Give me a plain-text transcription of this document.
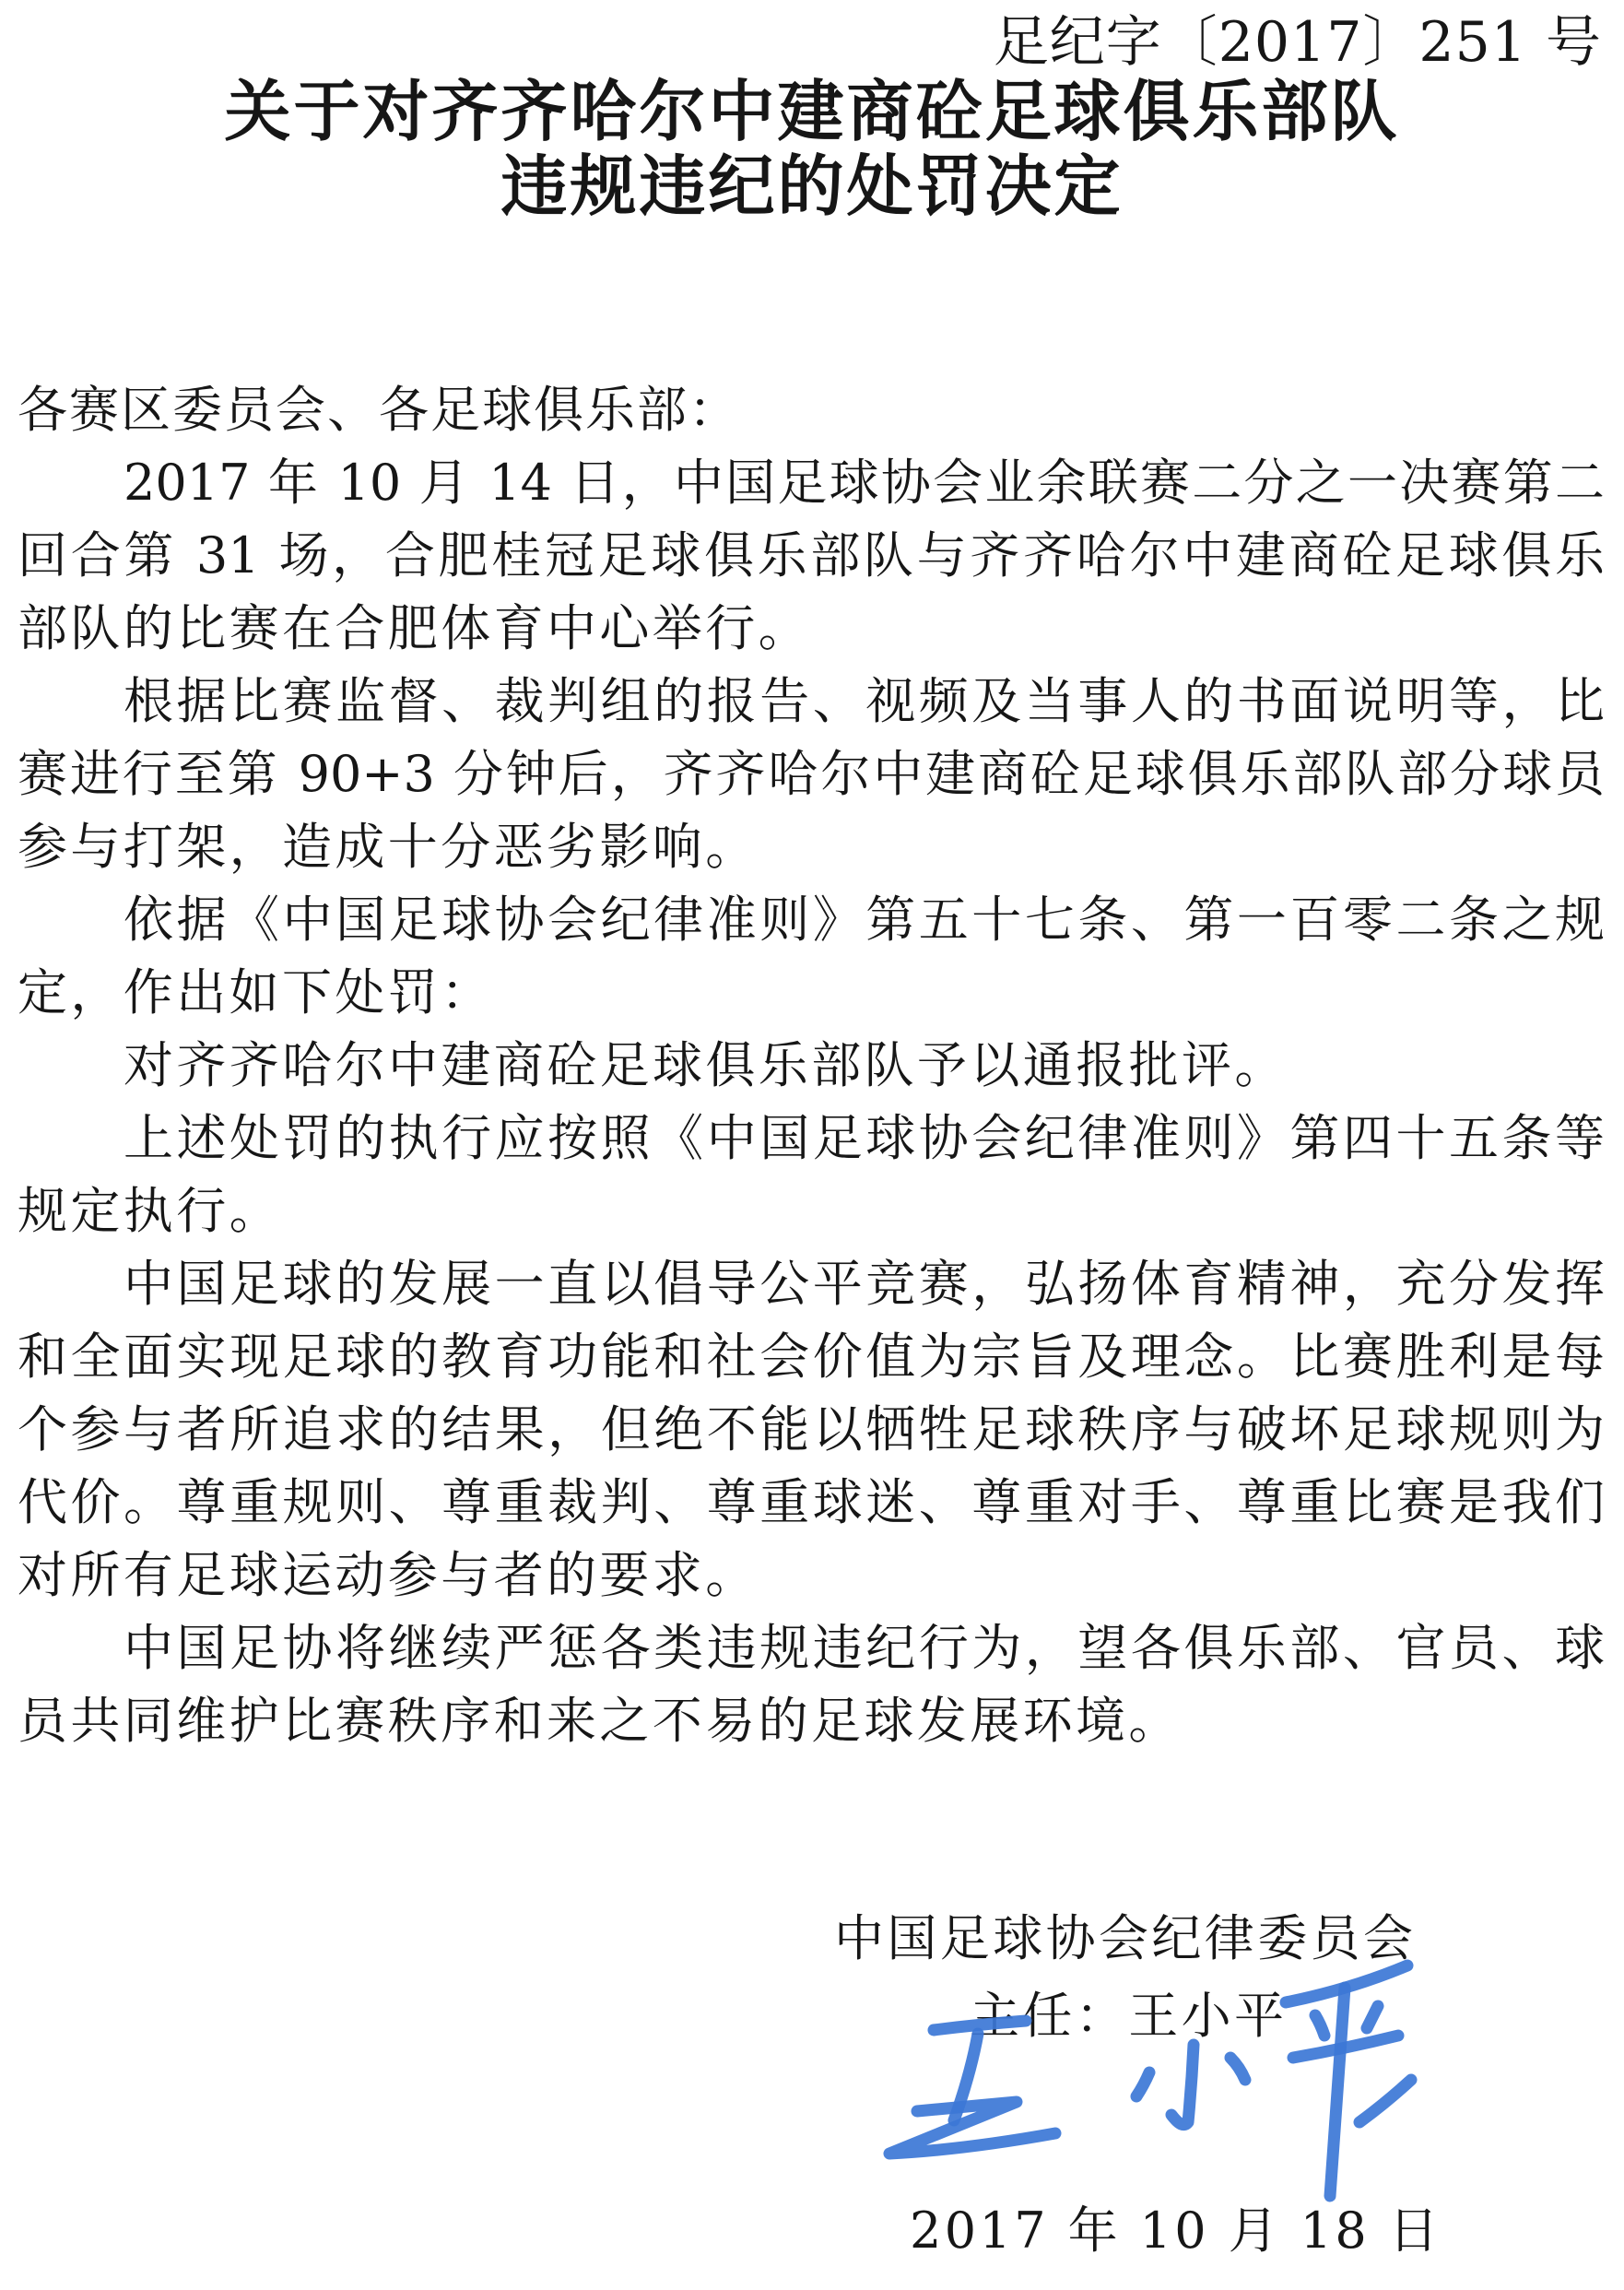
足纪字〔2017〕251 号
关于对齐齐哈尔中建商砼足球俱乐部队
违规违纪的处罚决定
各赛区委员会、各足球俱乐部：
2017 年 10 月 14 日，中国足球协会业余联赛二分之一决赛第二
回合第 31 场，合肥桂冠足球俱乐部队与齐齐哈尔中建商砼足球俱乐
部队的比赛在合肥体育中心举行。
根据比赛监督、裁判组的报告、视频及当事人的书面说明等，比
赛进行至第 90+3 分钟后，齐齐哈尔中建商砼足球俱乐部队部分球员
参与打架，造成十分恶劣影响。
依据《中国足球协会纪律准则》第五十七条、第一百零二条之规
定，作出如下处罚：
对齐齐哈尔中建商砼足球俱乐部队予以通报批评。
上述处罚的执行应按照《中国足球协会纪律准则》第四十五条等
规定执行。
中国足球的发展一直以倡导公平竞赛，弘扬体育精神，充分发挥
和全面实现足球的教育功能和社会价值为宗旨及理念。比赛胜利是每
个参与者所追求的结果，但绝不能以牺牲足球秩序与破坏足球规则为
代价。尊重规则、尊重裁判、尊重球迷、尊重对手、尊重比赛是我们
对所有足球运动参与者的要求。
中国足协将继续严惩各类违规违纪行为，望各俱乐部、官员、球
员共同维护比赛秩序和来之不易的足球发展环境。
中国足球协会纪律委员会
主任：王小平
2017 年 10 月 18 日
